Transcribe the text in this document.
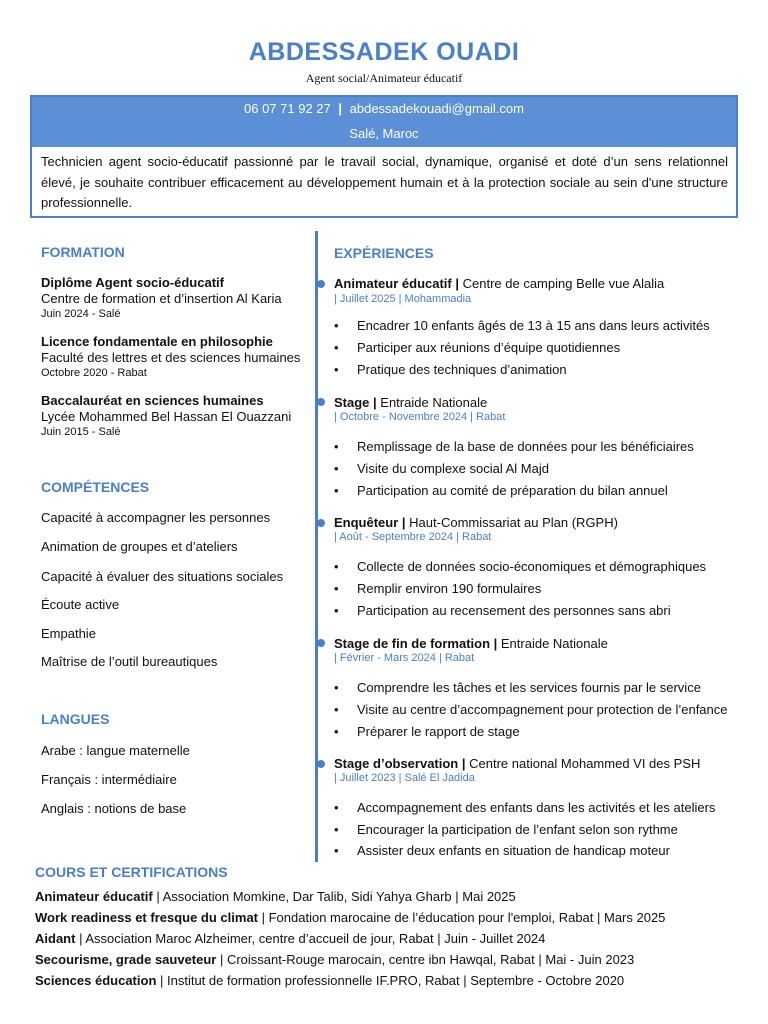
ABDESSADEK OUADI
Agent social/Animateur éducatif
06 07 71 92 27 | abdessadekouadi@gmail.com
Salé, Maroc
Technicien agent socio-éducatif passionné par le travail social, dynamique, organisé et doté d’un sens relationnel élevé, je souhaite contribuer efficacement au développement humain et à la protection sociale au sein d'une structure professionnelle.
FORMATION
Diplôme Agent socio-éducatif
Centre de formation et d’insertion Al Karia
Juin 2024 - Salé
Licence fondamentale en philosophie
Faculté des lettres et des sciences humaines
Octobre 2020 - Rabat
Baccalauréat en sciences humaines
Lycée Mohammed Bel Hassan El Ouazzani
Juin 2015 - Salé
COMPÉTENCES
Capacité à accompagner les personnes
Animation de groupes et d’ateliers
Capacité à évaluer des situations sociales
Écoute active
Empathie
Maîtrise de l’outil bureautiques
LANGUES
Arabe : langue maternelle
Français : intermédiaire
Anglais : notions de base
EXPÉRIENCES
Animateur éducatif | Centre de camping Belle vue Alalia
| Juillet 2025 | Mohammadia
• Encadrer 10 enfants âgés de 13 à 15 ans dans leurs activités
• Participer aux réunions d’équipe quotidiennes
• Pratique des techniques d’animation
Stage | Entraide Nationale
| Octobre - Novembre 2024 | Rabat
• Remplissage de la base de données pour les bénéficiaires
• Visite du complexe social Al Majd
• Participation au comité de préparation du bilan annuel
Enquêteur | Haut-Commissariat au Plan (RGPH)
| Août - Septembre 2024 | Rabat
• Collecte de données socio-économiques et démographiques
• Remplir environ 190 formulaires
• Participation au recensement des personnes sans abri
Stage de fin de formation | Entraide Nationale
| Février - Mars 2024 | Rabat
• Comprendre les tâches et les services fournis par le service
• Visite au centre d’accompagnement pour protection de l’enfance
• Préparer le rapport de stage
Stage d’observation | Centre national Mohammed VI des PSH
| Juillet 2023 | Salé El Jadida
• Accompagnement des enfants dans les activités et les ateliers
• Encourager la participation de l’enfant selon son rythme
• Assister deux enfants en situation de handicap moteur
COURS ET CERTIFICATIONS
Animateur éducatif | Association Momkine, Dar Talib, Sidi Yahya Gharb | Mai 2025
Work readiness et fresque du climat | Fondation marocaine de l’éducation pour l'emploi, Rabat | Mars 2025
Aidant | Association Maroc Alzheimer, centre d’accueil de jour, Rabat | Juin - Juillet 2024
Secourisme, grade sauveteur | Croissant-Rouge marocain, centre ibn Hawqal, Rabat | Mai - Juin 2023
Sciences éducation | Institut de formation professionnelle IF.PRO, Rabat | Septembre - Octobre 2020
